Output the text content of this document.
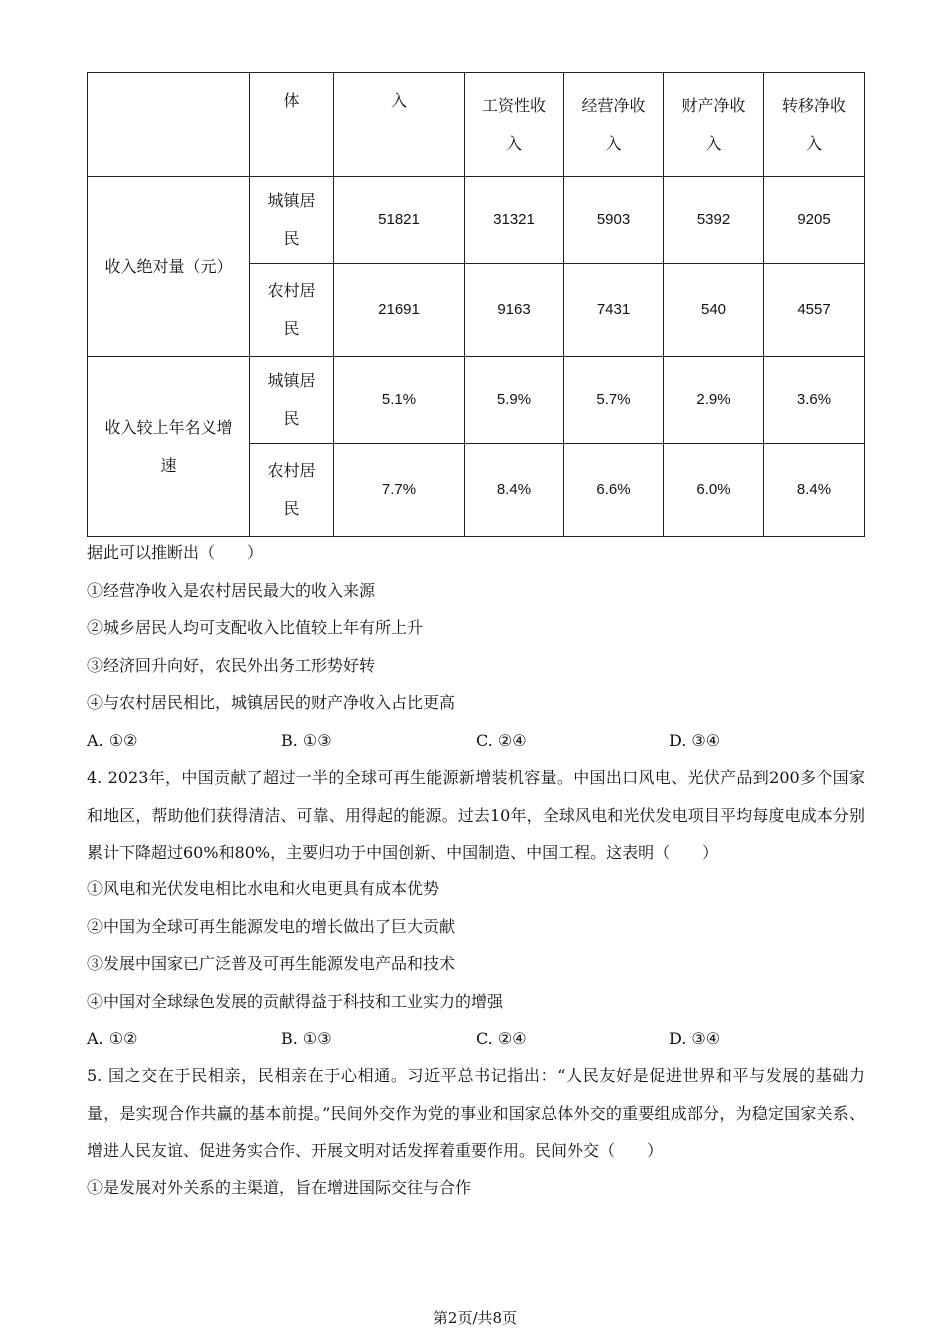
	体	入	工资性收入	经营净收入	财产净收入	转移净收入
收入绝对量（元）	城镇居民	51821	31321	5903	5392	9205
	农村居民	21691	9163	7431	540	4557
收入较上年名义增速	城镇居民	5.1%	5.9%	5.7%	2.9%	3.6%
	农村居民	7.7%	8.4%	6.6%	6.0%	8.4%
据此可以推断出（　　）
①经营净收入是农村居民最大的收入来源
②城乡居民人均可支配收入比值较上年有所上升
③经济回升向好，农民外出务工形势好转
④与农村居民相比，城镇居民的财产净收入占比更高
A. ①②	B. ①③	C. ②④	D. ③④
4. 2023年，中国贡献了超过一半的全球可再生能源新增装机容量。中国出口风电、光伏产品到200多个国家和地区，帮助他们获得清洁、可靠、用得起的能源。过去10年，全球风电和光伏发电项目平均每度电成本分别累计下降超过60%和80%，主要归功于中国创新、中国制造、中国工程。这表明（　　）
①风电和光伏发电相比水电和火电更具有成本优势
②中国为全球可再生能源发电的增长做出了巨大贡献
③发展中国家已广泛普及可再生能源发电产品和技术
④中国对全球绿色发展的贡献得益于科技和工业实力的增强
A. ①②	B. ①③	C. ②④	D. ③④
5. 国之交在于民相亲，民相亲在于心相通。习近平总书记指出：“人民友好是促进世界和平与发展的基础力量，是实现合作共赢的基本前提。”民间外交作为党的事业和国家总体外交的重要组成部分，为稳定国家关系、增进人民友谊、促进务实合作、开展文明对话发挥着重要作用。民间外交（　　）
①是发展对外关系的主渠道，旨在增进国际交往与合作
第2页/共8页
